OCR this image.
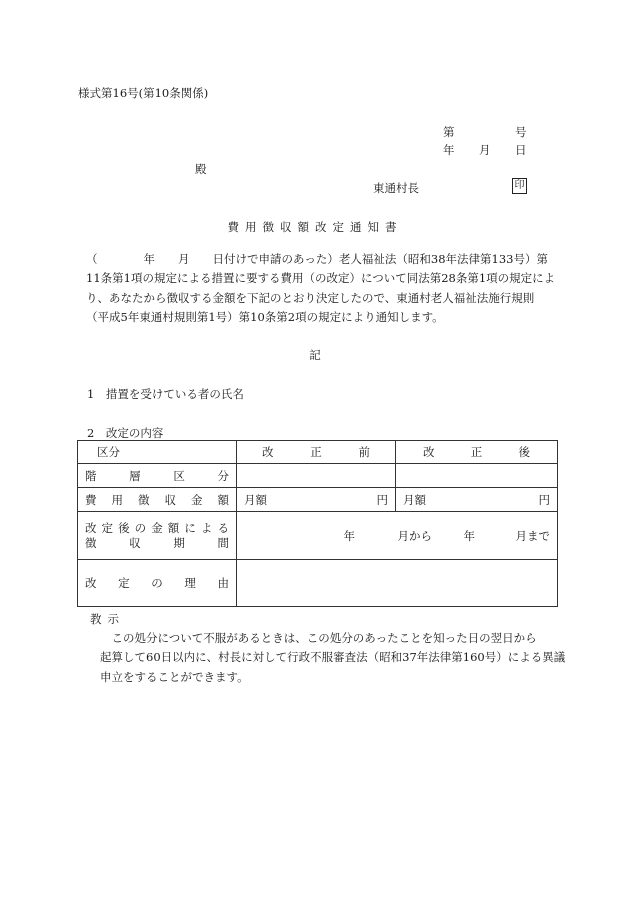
様式第16号(第10条関係)
第	号
年 月 日
殿
東通村長	印
費用徴収額改定通知書
（　　　　年　　月　　日付けで申請のあった）老人福祉法（昭和38年法律第133号）第
11条第1項の規定による措置に要する費用（の改定）について同法第28条第1項の規定によ
り、あなたから徴収する金額を下記のとおり決定したので、東通村老人福祉法施行規則
（平成5年東通村規則第1号）第10条第2項の規定により通知します。
記
1　措置を受けている者の氏名
2　改定の内容
区分	改正前	改正後

階層区分		

費用徴収金額	月額 円	月額 円

改定後の金額による
徴収期間	年 月から 年 月まで	

改定の理由		

教示
　この処分について不服があるときは、この処分のあったことを知った日の翌日から
起算して60日以内に、村長に対して行政不服審査法（昭和37年法律第160号）による異議
申立をすることができます。
